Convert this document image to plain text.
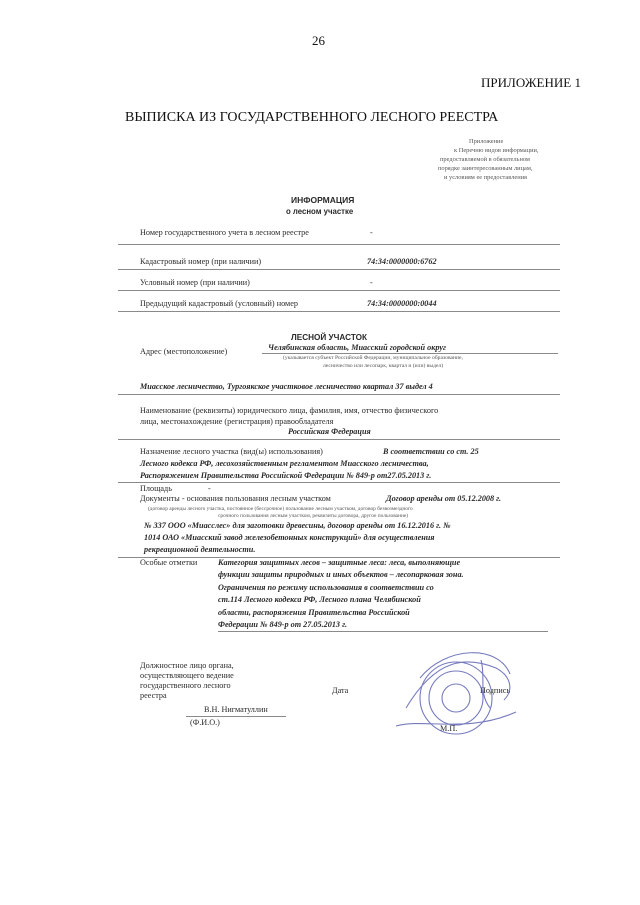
26
ПРИЛОЖЕНИЕ 1
ВЫПИСКА ИЗ ГОСУДАРСТВЕННОГО ЛЕСНОГО РЕЕСТРА
Приложение
к Перечню видов информации,
предоставляемой в обязательном
порядке заинтересованным лицам,
и условиям ее предоставления
ИНФОРМАЦИЯ
о лесном участке
Номер государственного учета в лесном реестре	-
Кадастровый номер (при наличии)	74:34:0000000:6762
Условный номер (при наличии)	-
Предыдущий кадастровый (условный) номер	74:34:0000000:0044
ЛЕСНОЙ УЧАСТОК
Адрес (местоположение)	Челябинская область, Миасский городской округ
(указывается субъект Российской Федерации, муниципальное образование,
лесничество или лесопарк, квартал и (или) выдел)
Миасское лесничество, Тургоякское участковое лесничество квартал 37 выдел 4
Наименование (реквизиты) юридического лица, фамилия, имя, отчество физического
лица, местонахождение (регистрация) правообладателя
Российская Федерация
Назначение лесного участка (вид(ы) использования)	В соответствии со ст. 25
Лесного кодекса РФ, лесохозяйственным регламентом Миасского лесничества,
Распоряжением Правительства Российской Федерации № 849-р от27.05.2013 г.
Площадь	-
Документы - основания пользования лесным участком	Договор аренды от 05.12.2008 г.
(договор аренды лесного участка, постоянное (бессрочное) пользование лесным участком, договор безвозмездного
срочного пользования лесным участком, реквизиты договора, другое пользование)
№ 337 ООО «Миасслес» для заготовки древесины, договор аренды от 16.12.2016 г. №
1014 ОАО «Миасский завод железобетонных конструкций» для осуществления
рекреационной деятельности.
Особые отметки	Категория защитных лесов – защитные леса: леса, выполняющие
функции защиты природных и иных объектов – лесопарковая зона.
Ограничения по режиму использования в соответствии со
ст.114 Лесного кодекса РФ, Лесного плана Челябинской
области, распоряжения Правительства Российской
Федерации № 849-р от 27.05.2013 г.
Должностное лицо органа,
осуществляющего ведение
государственного лесного
реестра
В.Н. Нигматуллин
(Ф.И.О.)
Дата	Подпись
М.П.
